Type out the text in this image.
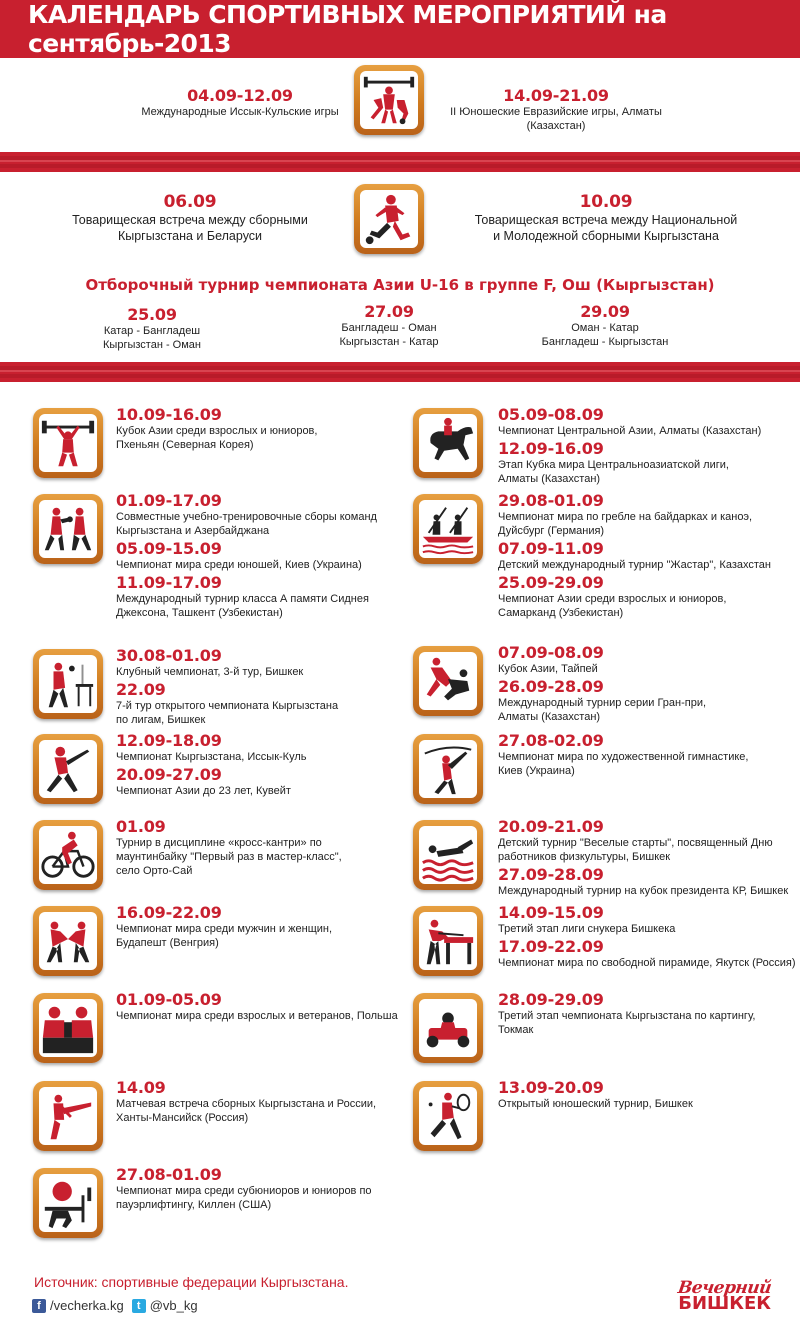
КАЛЕНДАРЬ СПОРТИВНЫХ МЕРОПРИЯТИЙ на сентябрь-2013
04.09-12.09
Международные Иссык-Кульские игры
14.09-21.09
II Юношеские Евразийские игры, Алматы (Казахстан)
06.09
Товарищеская встреча между сборными
Кыргызстана и Беларуси
10.09
Товарищеская встреча между Национальной
и Молодежной сборными Кыргызстана
Отборочный турнир чемпионата Азии U-16 в группе F, Ош (Кыргызстан)
25.09
Катар - Бангладеш
Кыргызстан - Оман
27.09
Бангладеш - Оман
Кыргызстан - Катар
29.09
Оман - Катар
Бангладеш - Кыргызстан
10.09-16.09
Кубок Азии среди взрослых и юниоров,
Пхеньян (Северная Корея)
01.09-17.09
Совместные учебно-тренировочные сборы команд
Кыргызстана и Азербайджана
05.09-15.09
Чемпионат мира среди юношей, Киев (Украина)
11.09-17.09
Международный турнир класса А памяти Сиднея
Джексона, Ташкент (Узбекистан)
30.08-01.09
Клубный чемпионат, 3-й тур, Бишкек
22.09
7-й тур открытого чемпионата Кыргызстана
по лигам, Бишкек
12.09-18.09
Чемпионат Кыргызстана, Иссык-Куль
20.09-27.09
Чемпионат Азии до 23 лет, Кувейт
01.09
Турнир в дисциплине «кросс-кантри» по
маунтинбайку "Первый раз в мастер-класс",
село Орто-Сай
16.09-22.09
Чемпионат мира среди мужчин и женщин,
Будапешт (Венгрия)
01.09-05.09
Чемпионат мира среди взрослых и ветеранов, Польша
14.09
Матчевая встреча сборных Кыргызстана и России,
Ханты-Мансийск (Россия)
27.08-01.09
Чемпионат мира среди субюниоров и юниоров по
пауэрлифтингу, Киллен (США)
05.09-08.09
Чемпионат Центральной Азии, Алматы (Казахстан)
12.09-16.09
Этап Кубка мира Центральноазиатской лиги,
Алматы (Казахстан)
29.08-01.09
Чемпионат мира по гребле на байдарках и каноэ,
Дуйсбург (Германия)
07.09-11.09
Детский международный турнир "Жастар", Казахстан
25.09-29.09
Чемпионат Азии среди взрослых и юниоров,
Самарканд (Узбекистан)
07.09-08.09
Кубок Азии, Тайпей
26.09-28.09
Международный турнир серии Гран-при,
Алматы (Казахстан)
27.08-02.09
Чемпионат мира по художественной гимнастике,
Киев (Украина)
20.09-21.09
Детский турнир "Веселые старты", посвященный Дню
работников физкультуры, Бишкек
27.09-28.09
Международный турнир на кубок президента КР, Бишкек
14.09-15.09
Третий этап лиги снукера Бишкека
17.09-22.09
Чемпионат мира по свободной пирамиде, Якутск (Россия)
28.09-29.09
Третий этап чемпионата Кыргызстана по картингу,
Токмак
13.09-20.09
Открытый юношеский турнир, Бишкек
Источник: спортивные федерации Кыргызстана.
f /vecherka.kg	t @vb_kg
Вечерний
БИШКЕК
